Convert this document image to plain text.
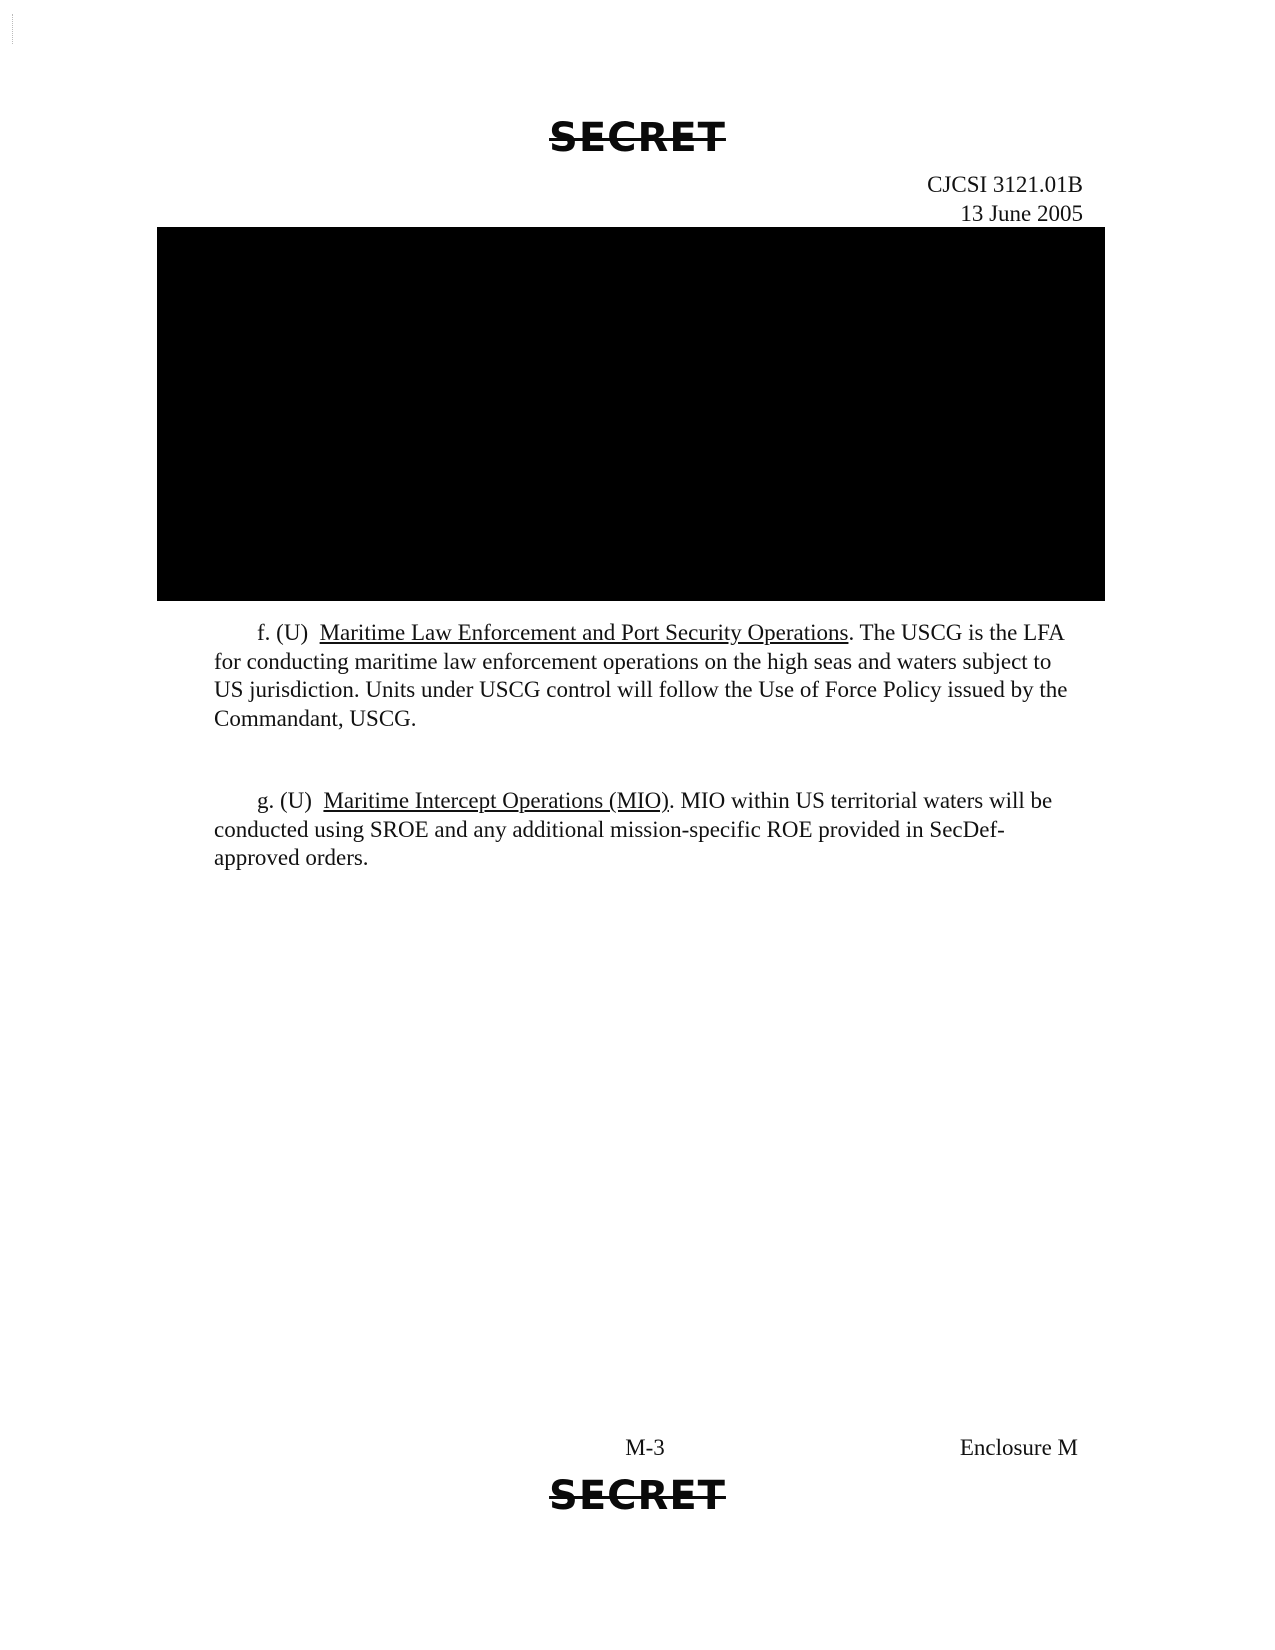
SECRET
CJCSI 3121.01B
13 June 2005
f. (U) Maritime Law Enforcement and Port Security Operations. The USCG is the LFA for conducting maritime law enforcement operations on the high seas and waters subject to US jurisdiction. Units under USCG control will follow the Use of Force Policy issued by the Commandant, USCG.
g. (U) Maritime Intercept Operations (MIO). MIO within US territorial waters will be conducted using SROE and any additional mission-specific ROE provided in SecDef-approved orders.
M-3	Enclosure M
SECRET
